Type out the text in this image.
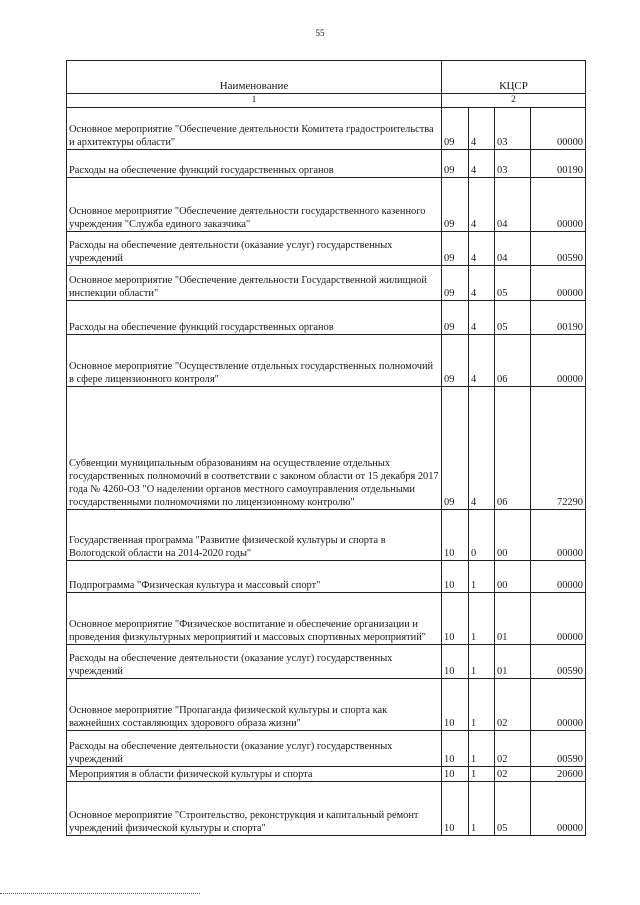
55
Наименование	КЦСР			
1	2			
Основное мероприятие "Обеспечение деятельности Комитета градостроительства и архитектуры области"	09	4	03	00000
Расходы на обеспечение функций государственных органов	09	4	03	00190
Основное мероприятие "Обеспечение деятельности государственного казенного учреждения "Служба единого заказчика"	09	4	04	00000
Расходы на обеспечение деятельности (оказание услуг) государственных учреждений	09	4	04	00590
Основное мероприятие "Обеспечение деятельности Государственной жилищной инспекции области"	09	4	05	00000
Расходы на обеспечение функций государственных органов	09	4	05	00190
Основное мероприятие "Осуществление отдельных государственных полномочий в сфере лицензионного контроля"	09	4	06	00000
Субвенции муниципальным образованиям на осуществление отдельных государственных полномочий в соответствии с законом области от 15 декабря 2017 года № 4260-ОЗ "О наделении органов местного самоуправления отдельными государственными полномочиями по лицензионному контролю"	09	4	06	72290
Государственная программа "Развитие физической культуры и спорта в Вологодской области на 2014-2020 годы"	10	0	00	00000
Подпрограмма "Физическая культура и массовый спорт"	10	1	00	00000
Основное мероприятие "Физическое воспитание и обеспечение организации и проведения физкультурных мероприятий и массовых спортивных мероприятий"	10	1	01	00000
Расходы на обеспечение деятельности (оказание услуг) государственных учреждений	10	1	01	00590
Основное мероприятие "Пропаганда физической культуры и спорта как важнейших составляющих здорового образа жизни"	10	1	02	00000
Расходы на обеспечение деятельности (оказание услуг) государственных учреждений	10	1	02	00590
Мероприятия в области физической культуры и спорта	10	1	02	20600
Основное мероприятие "Строительство, реконструкция и капитальный ремонт учреждений физической культуры и спорта"	10	1	05	00000
